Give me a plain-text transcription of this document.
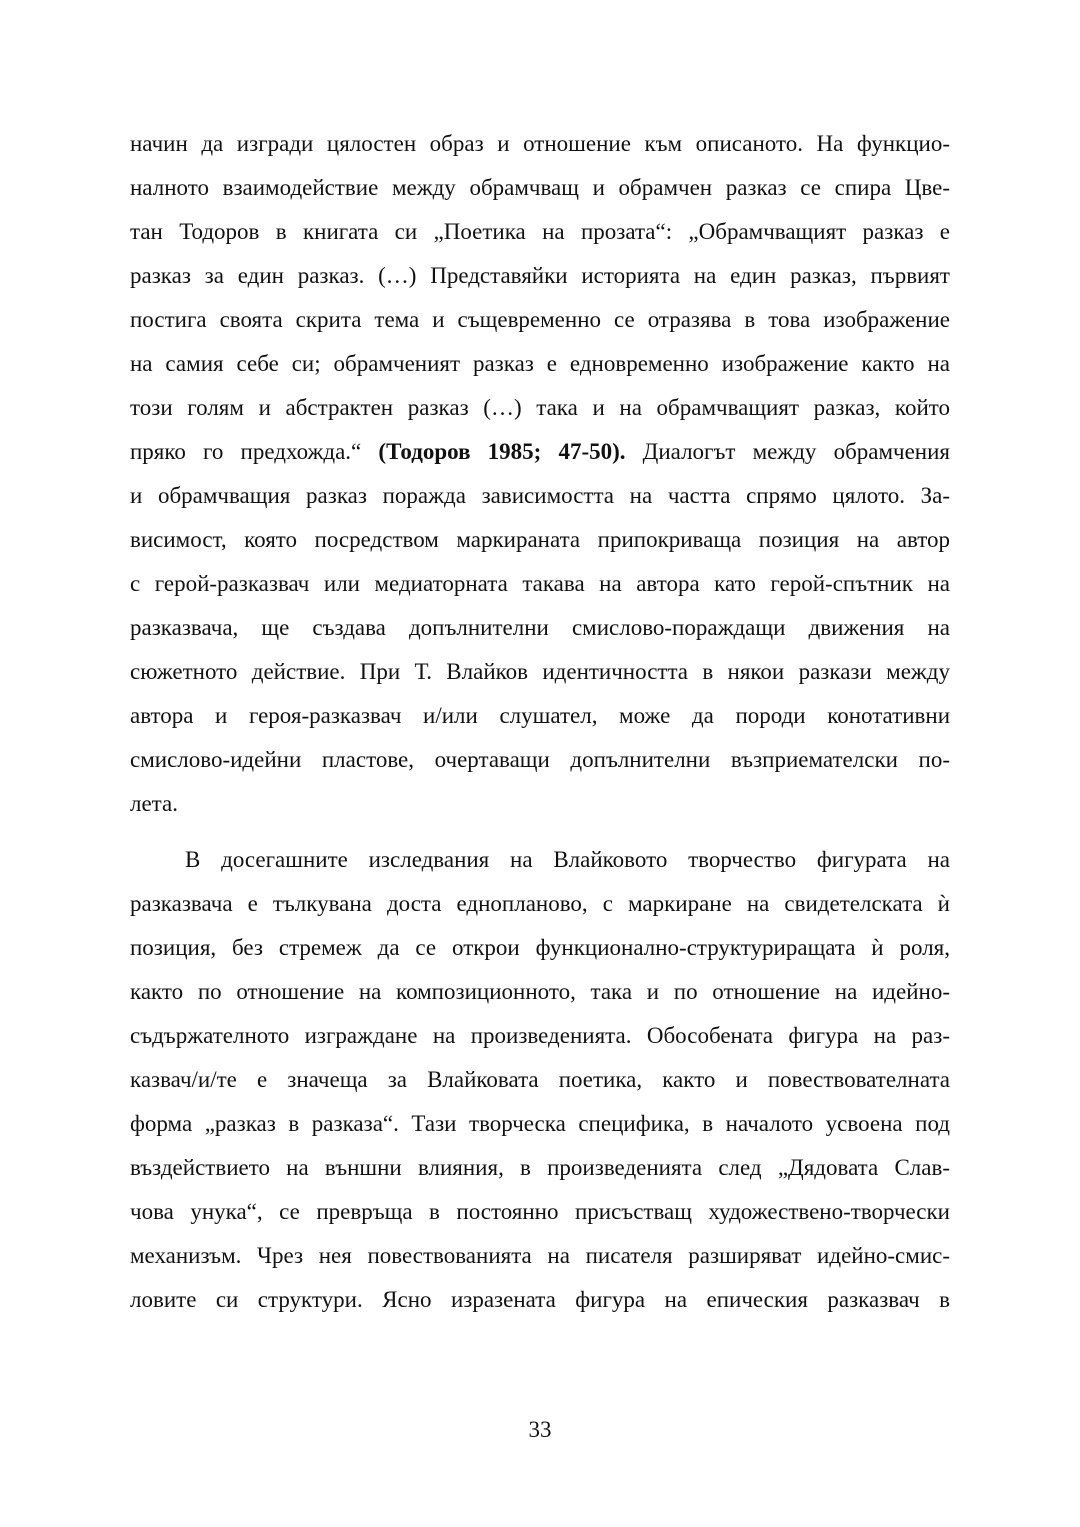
начин да изгради цялостен образ и отношение към описаното. На функцио-
налното взаимодействие между обрамчващ и обрамчен разказ се спира Цве-
тан Тодоров в книгата си „Поетика на прозата“: „Обрамчващият разказ е
разказ за един разказ. (…) Представяйки историята на един разказ, първият
постига своята скрита тема и същевременно се отразява в това изображение
на самия себе си; обрамченият разказ е едновременно изображение както на
този голям и абстрактен разказ (…) така и на обрамчващият разказ, който
пряко го предхожда.“ (Тодоров 1985; 47-50). Диалогът между обрамчения
и обрамчващия разказ поражда зависимостта на частта спрямо цялото. За-
висимост, която посредством маркираната припокриваща позиция на автор
с герой-разказвач или медиаторната такава на автора като герой-спътник на
разказвача, ще създава допълнителни смислово-пораждащи движения на
сюжетното действие. При Т. Влайков идентичността в някои разкази между
автора и героя-разказвач и/или слушател, може да породи конотативни
смислово-идейни пластове, очертаващи допълнителни възприемателски по-
лета.
В досегашните изследвания на Влайковото творчество фигурата на
разказвача е тълкувана доста еднопланово, с маркиране на свидетелската ѝ
позиция, без стремеж да се открои функционално-структуриращата ѝ роля,
както по отношение на композиционното, така и по отношение на идейно-
съдържателното изграждане на произведенията. Обособената фигура на раз-
казвач/и/те е значеща за Влайковата поетика, както и повествователната
форма „разказ в разказа“. Тази творческа специфика, в началото усвоена под
въздействието на външни влияния, в произведенията след „Дядовата Слав-
чова унука“, се превръща в постоянно присъстващ художествено-творчески
механизъм. Чрез нея повествованията на писателя разширяват идейно-смис-
ловите си структури. Ясно изразената фигура на епическия разказвач в
33
